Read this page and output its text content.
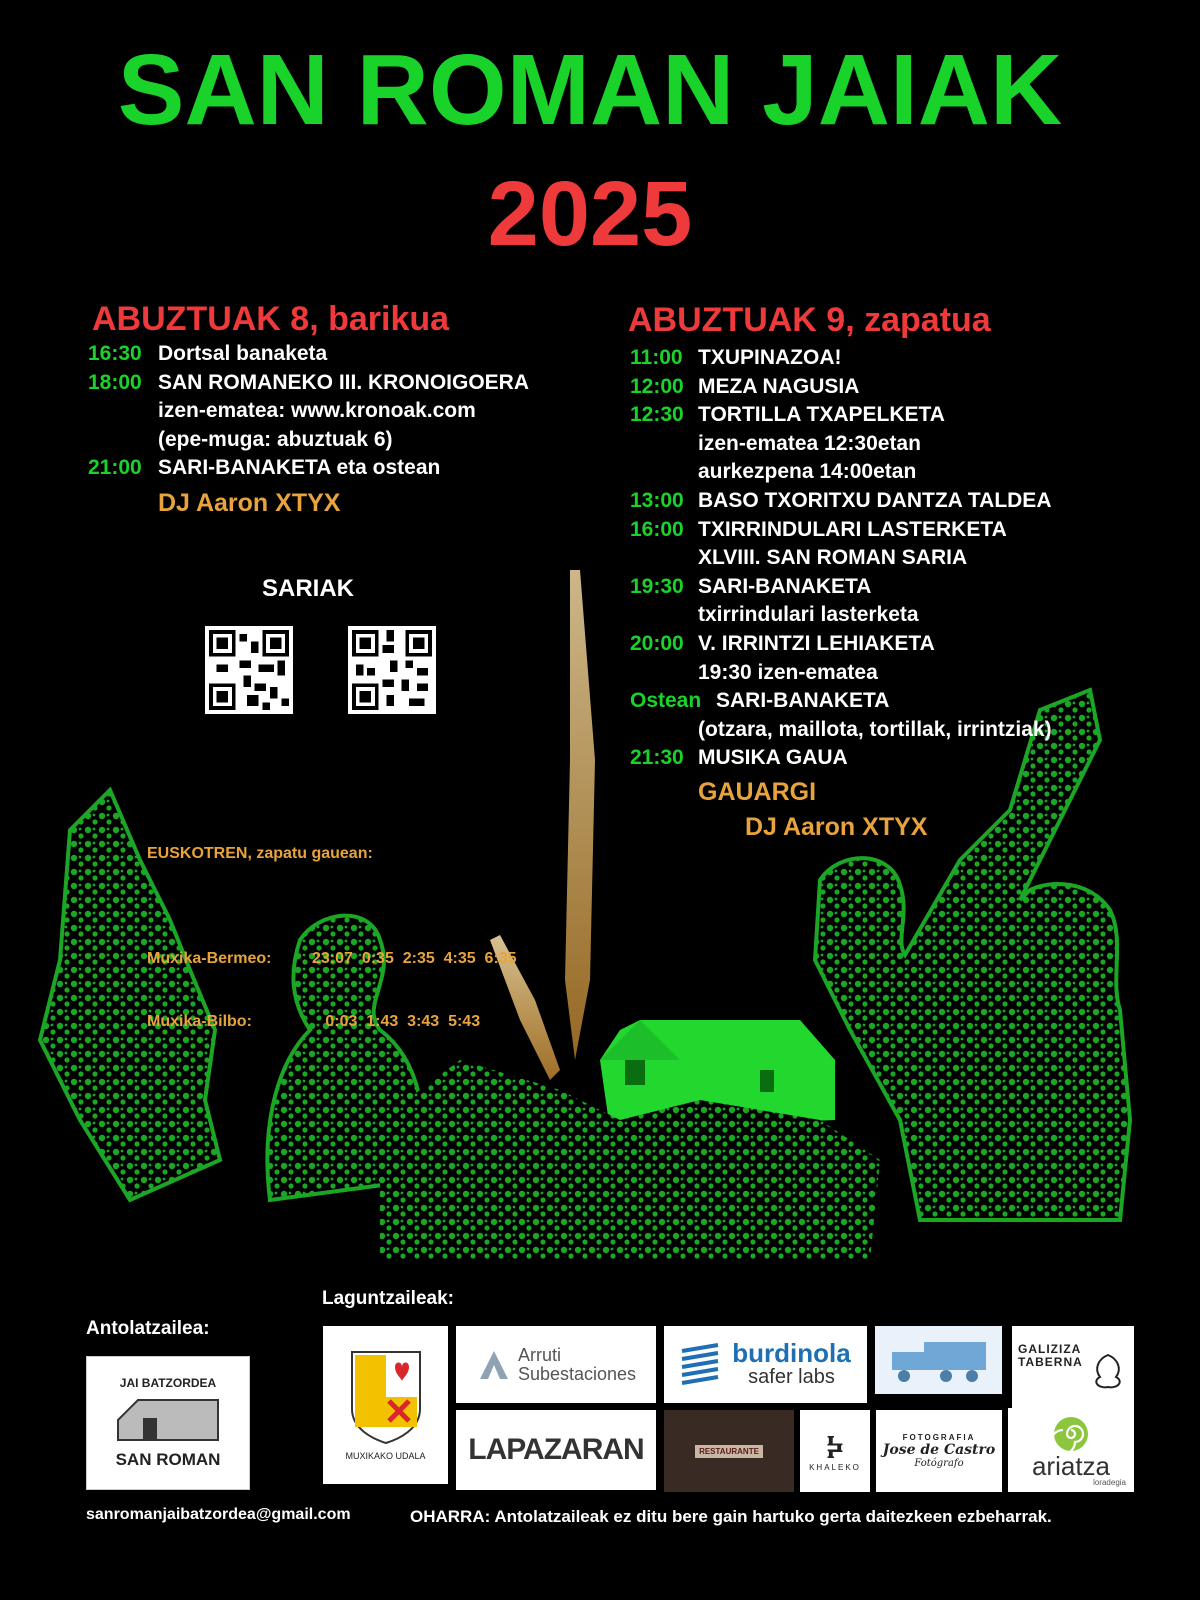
SAN ROMAN JAIAK
2025
ABUZTUAK 8, barikua
16:30 Dortsal banaketa
18:00 SAN ROMANEKO III. KRONOIGOERA
izen-ematea: www.kronoak.com
(epe-muga: abuztuak 6)
21:00 SARI-BANAKETA eta ostean
DJ Aaron XTYX
ABUZTUAK 9, zapatua
11:00 TXUPINAZOA!
12:00 MEZA NAGUSIA
12:30 TORTILLA TXAPELKETA
izen-ematea 12:30etan
aurkezpena 14:00etan
13:00 BASO TXORITXU DANTZA TALDEA
16:00 TXIRRINDULARI LASTERKETA
XLVIII. SAN ROMAN SARIA
19:30 SARI-BANAKETA
txirrindulari lasterketa
20:00 V. IRRINTZI LEHIAKETA
19:30 izen-ematea
Ostean SARI-BANAKETA
(otzara, maillota, tortillak, irrintziak)
21:30 MUSIKA GAUA
GAUARGI
DJ Aaron XTYX
SARIAK

EUSKOTREN, zapatu gauean:

Muxika-Bermeo:	23:07  0:35  2:35  4:35  6:35

Muxika-Bilbo:	0:03  1:43  3:43  5:43

Antolatzailea:
JAI BATZORDEA
SAN ROMAN
Laguntzaileak:
MUXIKAKO UDALA
Arruti
Subestaciones
burdinola
safer labs
GALIZIZA
TABERNA
LAPAZARAN	RESTAURANTE Ⰽ
KHALEKO
FOTOGRAFIA
Jose de Castro
Fotógrafo	ariatza
loradegia
sanromanjaibatzordea@gmail.com	OHARRA: Antolatzaileak ez ditu bere gain hartuko gerta daitezkeen ezbeharrak.
